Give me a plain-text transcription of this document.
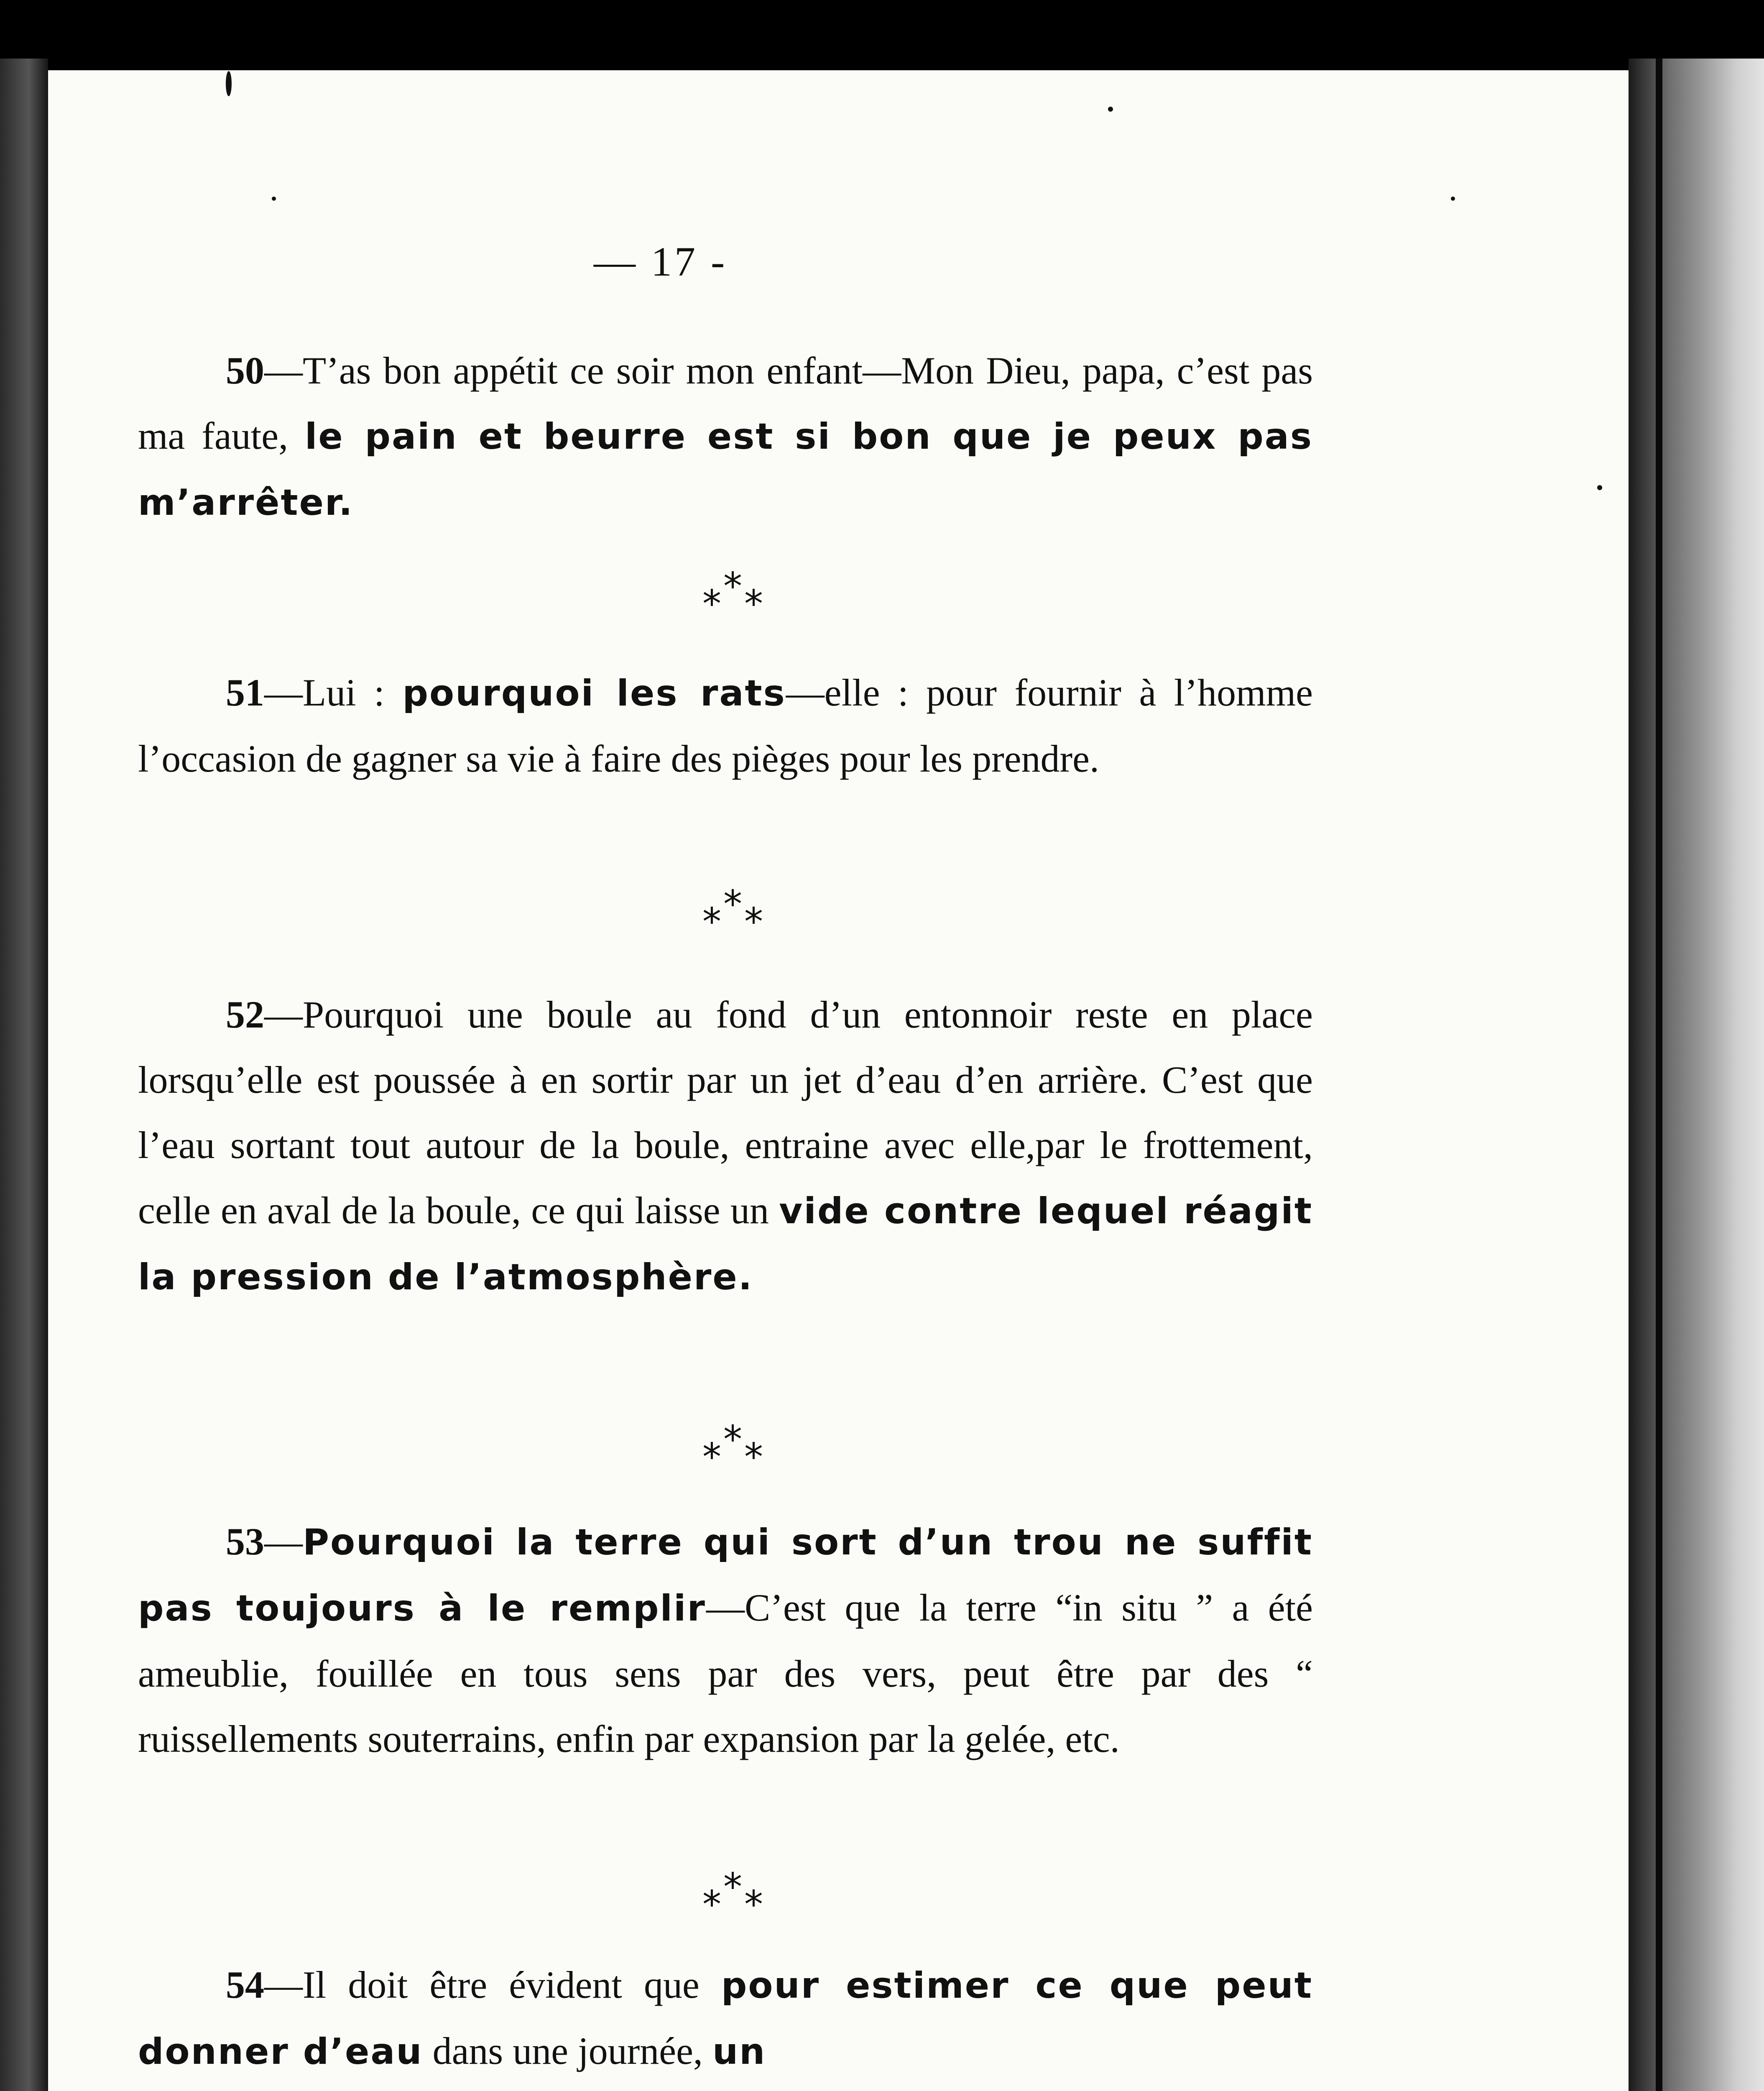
— 17 -
50—T’as bon appétit ce soir mon enfant—Mon Dieu, papa, c’est pas ma faute, le pain et beurre est si bon que je peux pas m’arrêter.
*
* *
51—Lui : pourquoi les rats—elle : pour fournir à l’homme l’occasion de gagner sa vie à faire des pièges pour les prendre.
*
* *
52—Pourquoi une boule au fond d’un entonnoir reste en place lorsqu’elle est poussée à en sortir par un jet d’eau d’en arrière. C’est que l’eau sortant tout autour de la boule, entraine avec elle,par le frottement, celle en aval de la boule, ce qui laisse un vide contre lequel réagit la pression de l’atmosphère.
*
* *
53—Pourquoi la terre qui sort d’un trou ne suffit pas toujours à le remplir—C’est que la terre “in situ ” a été ameublie, fouillée en tous sens par des vers, peut être par des “ ruissellements souterrains, enfin par expansion par la gelée, etc.
*
* *
54—Il doit être évident que pour estimer ce que peut donner d’eau dans une journée, un
